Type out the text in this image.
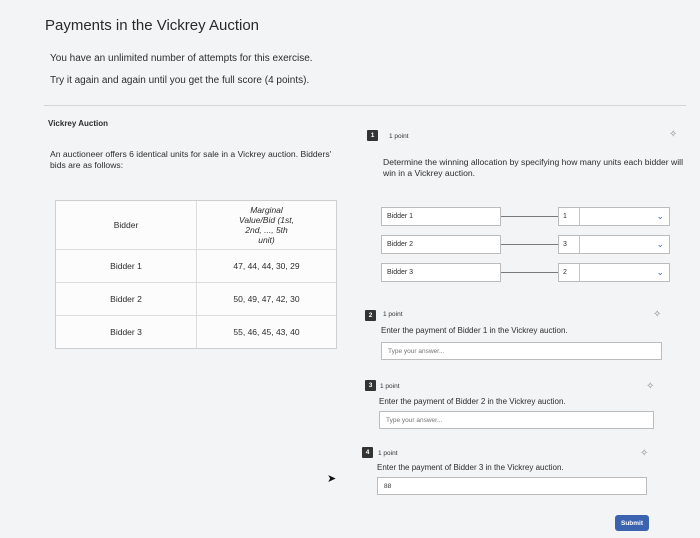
Payments in the Vickrey Auction
You have an unlimited number of attempts for this exercise.
Try it again and again until you get the full score (4 points).
Vickrey Auction
An auctioneer offers 6 identical units for sale in a Vickrey auction. Bidders' bids are as follows:
Bidder
Marginal Value/Bid (1st, 2nd, ..., 5th unit)
Bidder 1	47, 44, 44, 30, 29
Bidder 2	50, 49, 47, 42, 30
Bidder 3	55, 46, 45, 43, 40
1	1 point	✧
Determine the winning allocation by specifying how many units each bidder will win in a Vickrey auction.
Bidder 1	1	⌄
Bidder 2	3	⌄
Bidder 3	2	⌄
2	1 point	✧
Enter the payment of Bidder 1 in the Vickrey auction.
Type your answer...
3	1 point	✧
Enter the payment of Bidder 2 in the Vickrey auction.
Type your answer...
4	1 point	✧
Enter the payment of Bidder 3 in the Vickrey auction.
88
Submit
➤
